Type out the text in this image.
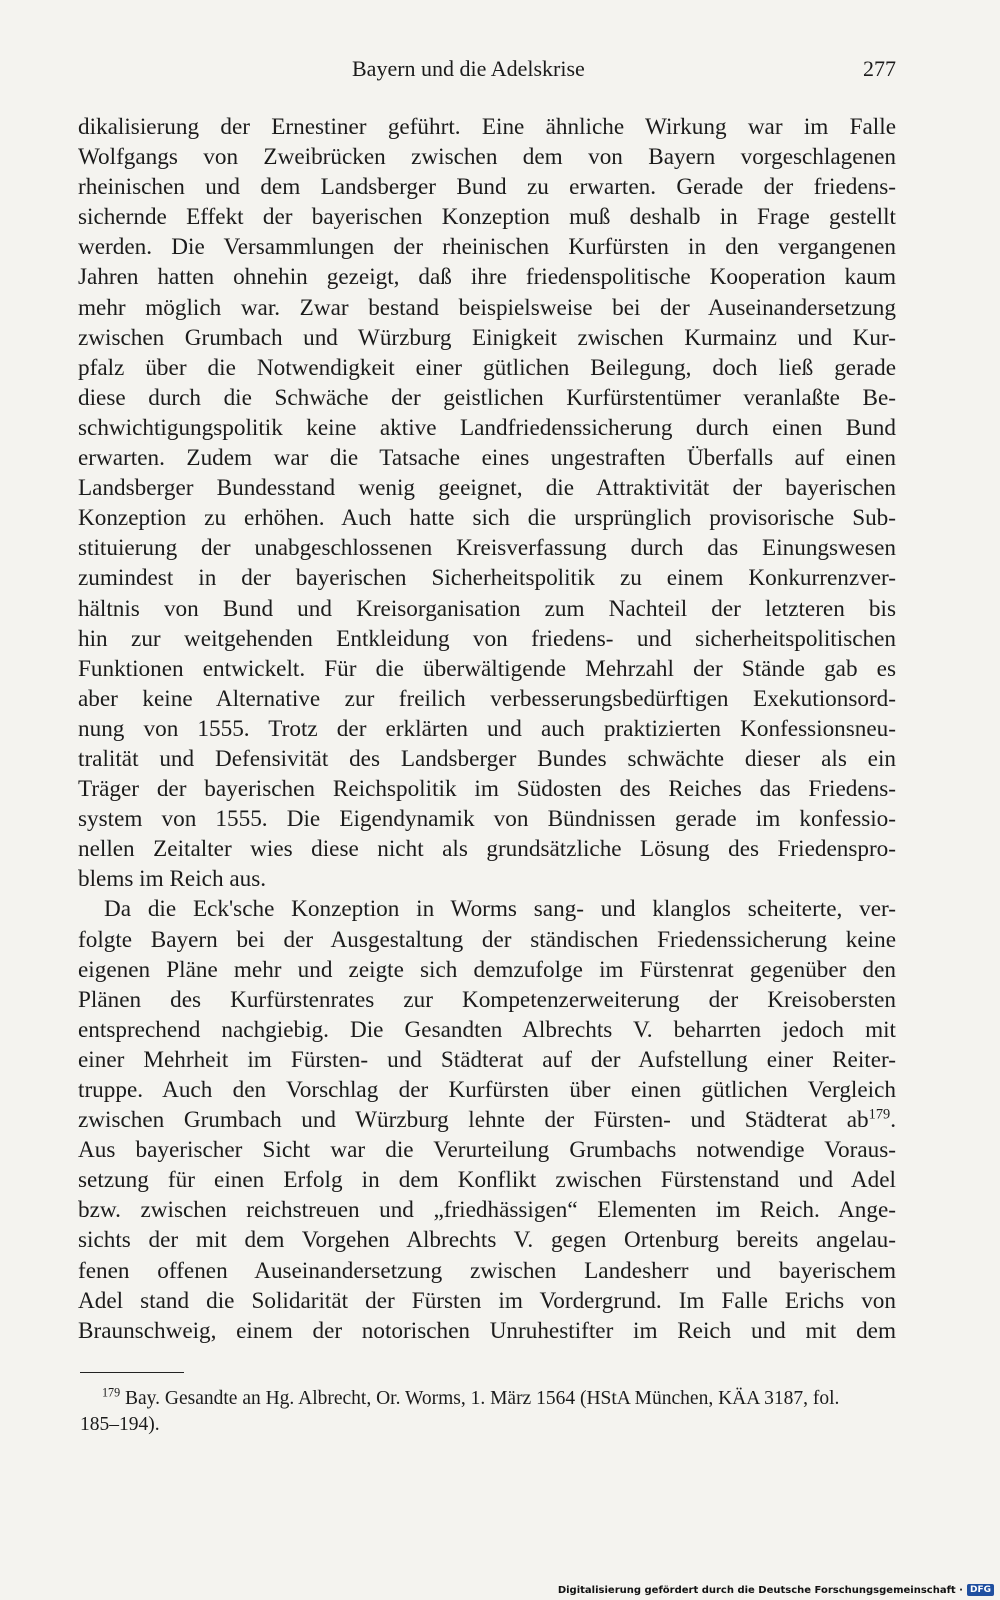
Bayern und die Adelskrise	277
dikalisierung der Ernestiner geführt. Eine ähnliche Wirkung war im Falle
Wolfgangs von Zweibrücken zwischen dem von Bayern vorgeschlagenen
rheinischen und dem Landsberger Bund zu erwarten. Gerade der friedens-
sichernde Effekt der bayerischen Konzeption muß deshalb in Frage gestellt
werden. Die Versammlungen der rheinischen Kurfürsten in den vergangenen
Jahren hatten ohnehin gezeigt, daß ihre friedenspolitische Kooperation kaum
mehr möglich war. Zwar bestand beispielsweise bei der Auseinandersetzung
zwischen Grumbach und Würzburg Einigkeit zwischen Kurmainz und Kur-
pfalz über die Notwendigkeit einer gütlichen Beilegung, doch ließ gerade
diese durch die Schwäche der geistlichen Kurfürstentümer veranlaßte Be-
schwichtigungspolitik keine aktive Landfriedenssicherung durch einen Bund
erwarten. Zudem war die Tatsache eines ungestraften Überfalls auf einen
Landsberger Bundesstand wenig geeignet, die Attraktivität der bayerischen
Konzeption zu erhöhen. Auch hatte sich die ursprünglich provisorische Sub-
stituierung der unabgeschlossenen Kreisverfassung durch das Einungswesen
zumindest in der bayerischen Sicherheitspolitik zu einem Konkurrenzver-
hältnis von Bund und Kreisorganisation zum Nachteil der letzteren bis
hin zur weitgehenden Entkleidung von friedens- und sicherheitspolitischen
Funktionen entwickelt. Für die überwältigende Mehrzahl der Stände gab es
aber keine Alternative zur freilich verbesserungsbedürftigen Exekutionsord-
nung von 1555. Trotz der erklärten und auch praktizierten Konfessionsneu-
tralität und Defensivität des Landsberger Bundes schwächte dieser als ein
Träger der bayerischen Reichspolitik im Südosten des Reiches das Friedens-
system von 1555. Die Eigendynamik von Bündnissen gerade im konfessio-
nellen Zeitalter wies diese nicht als grundsätzliche Lösung des Friedenspro-
blems im Reich aus.
Da die Eck'sche Konzeption in Worms sang- und klanglos scheiterte, ver-
folgte Bayern bei der Ausgestaltung der ständischen Friedenssicherung keine
eigenen Pläne mehr und zeigte sich demzufolge im Fürstenrat gegenüber den
Plänen des Kurfürstenrates zur Kompetenzerweiterung der Kreisobersten
entsprechend nachgiebig. Die Gesandten Albrechts V. beharrten jedoch mit
einer Mehrheit im Fürsten- und Städterat auf der Aufstellung einer Reiter-
truppe. Auch den Vorschlag der Kurfürsten über einen gütlichen Vergleich
zwischen Grumbach und Würzburg lehnte der Fürsten- und Städterat $ab^{179}$.
Aus bayerischer Sicht war die Verurteilung Grumbachs notwendige Voraus-
setzung für einen Erfolg in dem Konflikt zwischen Fürstenstand und Adel
bzw. zwischen reichstreuen und „friedhässigen“ Elementen im Reich. Ange-
sichts der mit dem Vorgehen Albrechts V. gegen Ortenburg bereits angelau-
fenen offenen Auseinandersetzung zwischen Landesherr und bayerischem
Adel stand die Solidarität der Fürsten im Vordergrund. Im Falle Erichs von
Braunschweig, einem der notorischen Unruhestifter im Reich und mit dem
$^{179}$ Bay. Gesandte an Hg. Albrecht, Or. Worms, 1. März 1564 (HStA München, KÄA 3187, fol.
185–194).
Digitalisierung gefördert durch die Deutsche Forschungsgemeinschaft · DFG
